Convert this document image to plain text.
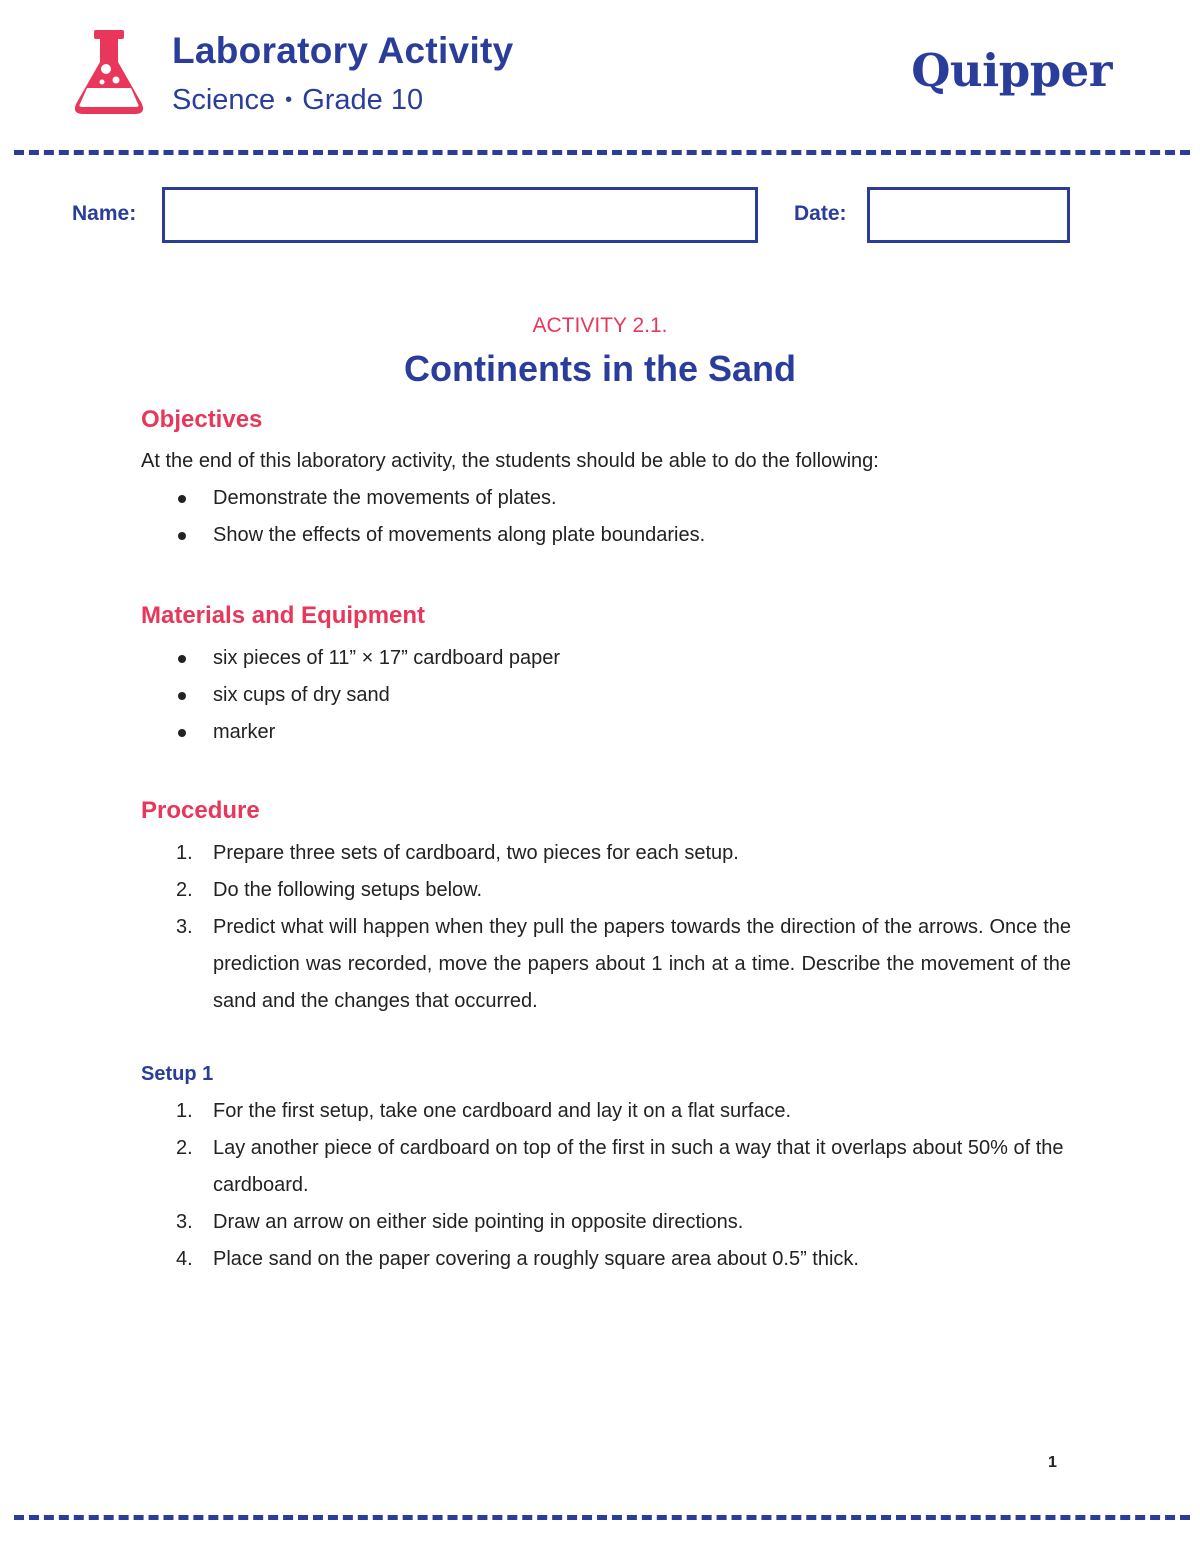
Laboratory Activity
Science • Grade 10
Quipper
Name:	Date:
ACTIVITY 2.1.
Continents in the Sand
Objectives
At the end of this laboratory activity, the students should be able to do the following:
Demonstrate the movements of plates.
Show the effects of movements along plate boundaries.
Materials and Equipment
six pieces of 11” × 17” cardboard paper
six cups of dry sand
marker
Procedure
1. Prepare three sets of cardboard, two pieces for each setup.
2. Do the following setups below.
3. Predict what will happen when they pull the papers towards the direction of the arrows. Once the prediction was recorded, move the papers about 1 inch at a time. Describe the movement of the sand and the changes that occurred.
Setup 1
1. For the first setup, take one cardboard and lay it on a flat surface.
2. Lay another piece of cardboard on top of the first in such a way that it overlaps about 50% of the cardboard.
3. Draw an arrow on either side pointing in opposite directions.
4. Place sand on the paper covering a roughly square area about 0.5” thick.
1
